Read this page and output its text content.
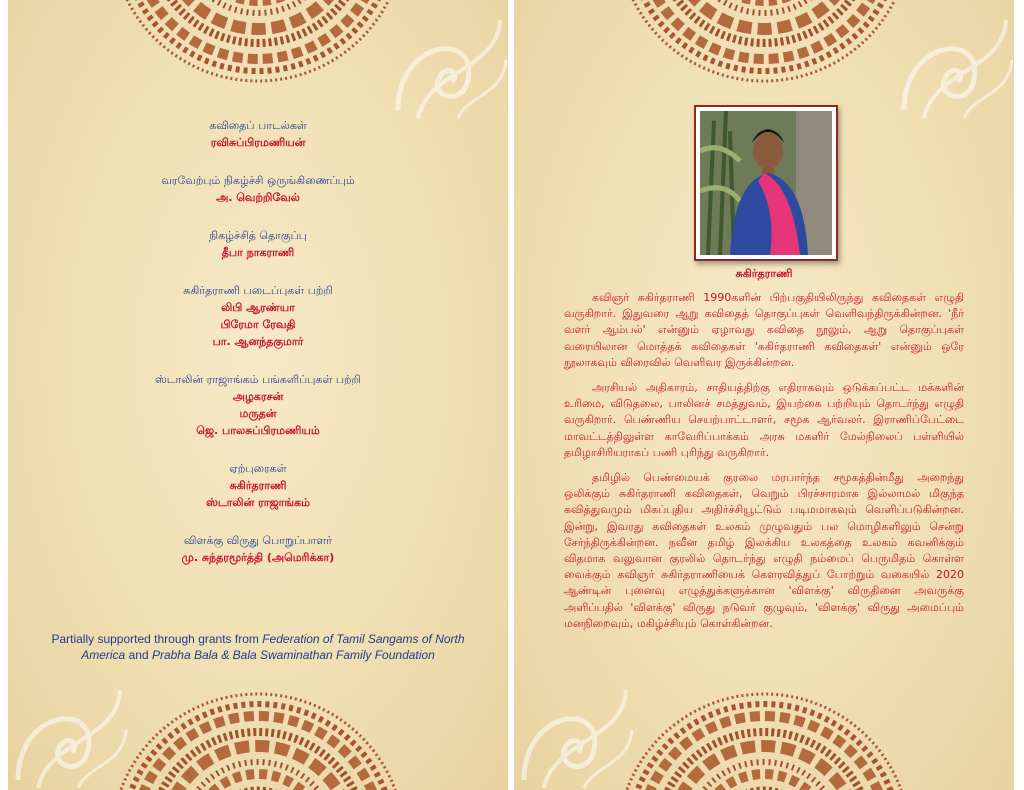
கவிதைப் பாடல்கள்
ரவிசுப்பிரமணியன்
வரவேற்பும் நிகழ்ச்சி ஒருங்கிணைப்பும்
அ. வெற்றிவேல்
நிகழ்ச்சித் தொகுப்பு
தீபா நாகராணி
சுகிர்தராணி படைப்புகள் பற்றி
லிபி ஆரண்யா
பிரேமா ரேவதி
பா. ஆனந்தகுமார்
ஸ்டாலின் ராஜாங்கம் பங்களிப்புகள் பற்றி
அழகரசன்
மருதன்
ஜெ. பாலசுப்பிரமணியம்
ஏற்புரைகள்
சுகிர்தராணி
ஸ்டாலின் ராஜாங்கம்
விளக்கு விருது பொறுப்பாளர்
மு. சுந்தரமூர்த்தி (அமெரிக்கா)
Partially supported through grants from Federation of Tamil Sangams of North America and Prabha Bala & Bala Swaminathan Family Foundation
சுகிர்தராணி

கவிஞர் சுகிர்தராணி 1990களின் பிற்பகுதியிலிருந்து கவிதைகள் எழுதி வருகிறார். இதுவரை ஆறு கவிதைத் தொகுப்புகள் வெளிவந்திருக்கின்றன. 'நீர் வளர் ஆம்பல்' என்னும் ஏழாவது கவிதை நூலும், ஆறு தொகுப்புகள் வரையிலான மொத்தக் கவிதைகள் 'சுகிர்தராணி கவிதைகள்' என்னும் ஒரே நூலாகவும் விரைவில் வெளிவர இருக்கின்றன.

அரசியல் அதிகாரம், சாதியத்திற்கு எதிராகவும் ஒடுக்கப்பட்ட மக்களின் உரிமை, விடுதலை, பாலினச் சமத்துவம், இயற்கை பற்றியும் தொடர்ந்து எழுதி வருகிறார். பெண்ணிய செயற்பாட்டாளர், சமூக ஆர்வலர். இராணிப்பேட்டை மாவட்டத்திலுள்ள காவேரிப்பாக்கம் அரசு மகளிர் மேல்நிலைப் பள்ளியில் தமிழாசிரியராகப் பணி புரிந்து வருகிறார்.

தமிழில் பெண்மையக் குரலை மரபார்ந்த சமூகத்தின்மீது அறைந்து ஒலிக்கும் சுகிர்தராணி கவிதைகள், வெறும் பிரச்சாரமாக இல்லாமல் மிகுந்த கவித்துவமும் மிகப்புதிய அதிர்ச்சியூட்டும் படிமமாகவும் வெளிப்படுகின்றன. இன்று, இவரது கவிதைகள் உலகம் முழுவதும் பல மொழிகளிலும் சென்று சேர்ந்திருக்கின்றன. நவீன தமிழ் இலக்கிய உலகத்தை உலகம் கவனிக்கும் விதமாக வலுவான குரலில் தொடர்ந்து எழுதி நம்மைப் பெருமிதம் கொள்ள வைக்கும் கவிஞர் சுகிர்தராணியைக் கௌரவித்துப் போற்றும் வகையில் 2020 ஆண்டின் புனைவு எழுத்துக்களுக்கான 'விளக்கு' விருதினை அவருக்கு அளிப்பதில் 'விளக்கு' விருது நடுவர் குழுவும், 'விளக்கு' விருது அமைப்பும் மனநிறைவும், மகிழ்ச்சியும் கொள்கின்றன.
